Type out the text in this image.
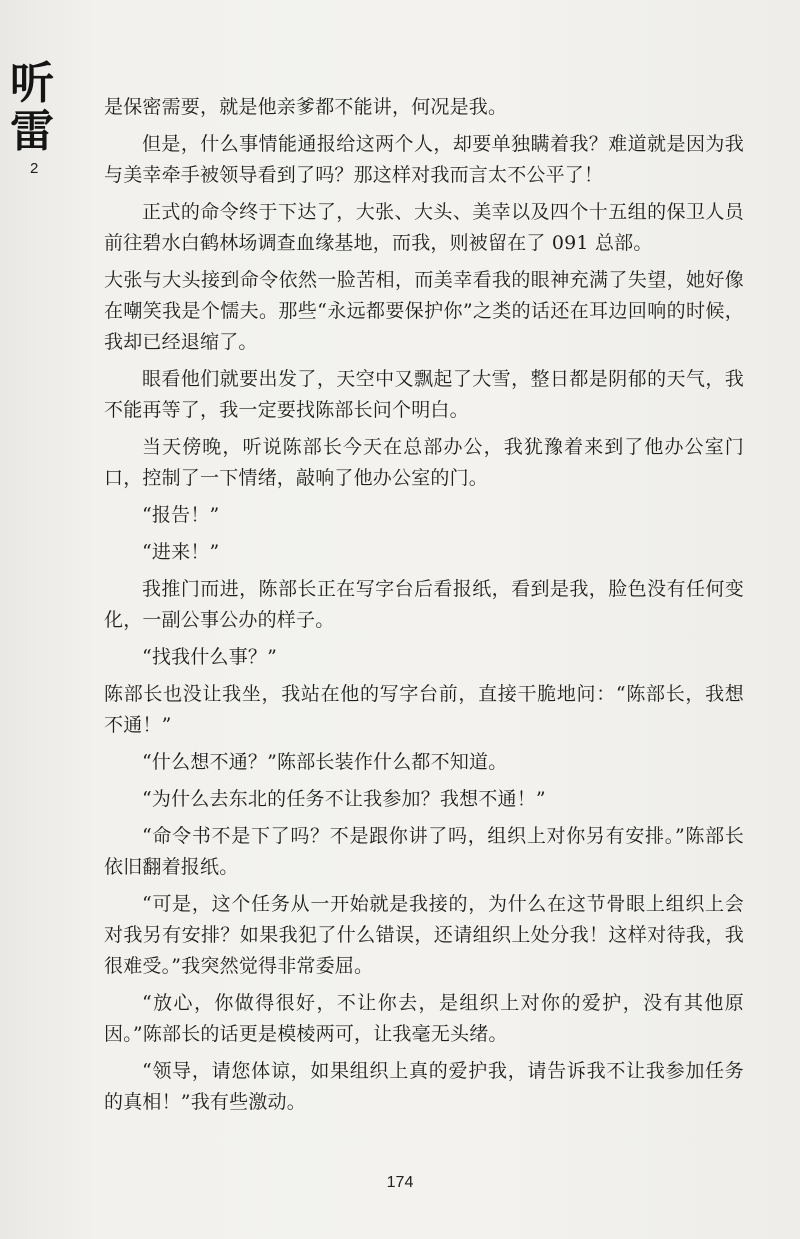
听
雷
2

是保密需要，就是他亲爹都不能讲，何况是我。

但是，什么事情能通报给这两个人，却要单独瞒着我？难道就是因为我与美幸牵手被领导看到了吗？那这样对我而言太不公平了！

正式的命令终于下达了，大张、大头、美幸以及四个十五组的保卫人员前往碧水白鹤林场调查血缘基地，而我，则被留在了 091 总部。

大张与大头接到命令依然一脸苦相，而美幸看我的眼神充满了失望，她好像在嘲笑我是个懦夫。那些“永远都要保护你”之类的话还在耳边回响的时候，我却已经退缩了。

眼看他们就要出发了，天空中又飘起了大雪，整日都是阴郁的天气，我不能再等了，我一定要找陈部长问个明白。

当天傍晚，听说陈部长今天在总部办公，我犹豫着来到了他办公室门口，控制了一下情绪，敲响了他办公室的门。

“报告！”

“进来！”

我推门而进，陈部长正在写字台后看报纸，看到是我，脸色没有任何变化，一副公事公办的样子。

“找我什么事？”

陈部长也没让我坐，我站在他的写字台前，直接干脆地问：“陈部长，我想不通！”

“什么想不通？”陈部长装作什么都不知道。

“为什么去东北的任务不让我参加？我想不通！”

“命令书不是下了吗？不是跟你讲了吗，组织上对你另有安排。”陈部长依旧翻着报纸。

“可是，这个任务从一开始就是我接的，为什么在这节骨眼上组织上会对我另有安排？如果我犯了什么错误，还请组织上处分我！这样对待我，我很难受。”我突然觉得非常委屈。

“放心，你做得很好，不让你去，是组织上对你的爱护，没有其他原因。”陈部长的话更是模棱两可，让我毫无头绪。

“领导，请您体谅，如果组织上真的爱护我，请告诉我不让我参加任务的真相！”我有些激动。

174
